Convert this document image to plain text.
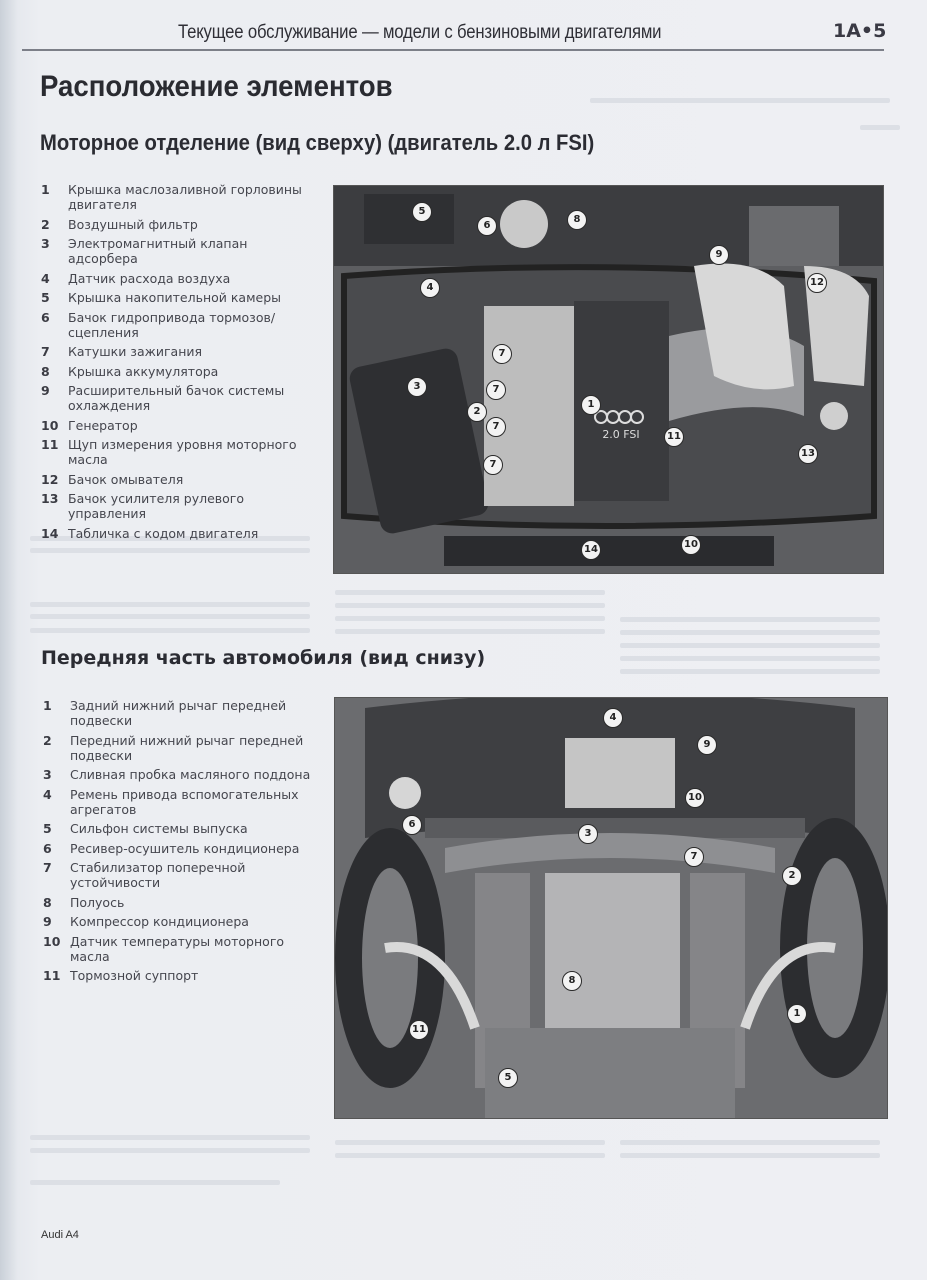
Текущее обслуживание — модели с бензиновыми двигателями	1A•5
Расположение элементов
Моторное отделение (вид сверху) (двигатель 2.0 л FSI)
1	Крышка маслозаливной горловины двигателя
2	Воздушный фильтр
3	Электромагнитный клапан адсорбера
4	Датчик расхода воздуха
5	Крышка накопительной камеры
6	Бачок гидропривода тормозов/ сцепления
7	Катушки зажигания
8	Крышка аккумулятора
9	Расширительный бачок системы охлаждения
10 Генератор
11 Щуп измерения уровня моторного масла
12 Бачок омывателя
13 Бачок усилителя рулевого управления
14 Табличка с кодом двигателя
2.0 FSI
5
6
8
9
12
4
7
3	7
1
2
7
11
13
7
10
14
Передняя часть автомобиля (вид снизу)
1	Задний нижний рычаг передней подвески
2	Передний нижний рычаг передней подвески
3	Сливная пробка масляного поддона
4	Ремень привода вспомогательных агрегатов
5	Сильфон системы выпуска
6	Ресивер-осушитель кондиционера
7	Стабилизатор поперечной устойчивости
8	Полуось
9	Компрессор кондиционера
10 Датчик температуры моторного масла
11 Тормозной суппорт
4
9
10
6
3
7
2
8
11
1
5
Audi A4
